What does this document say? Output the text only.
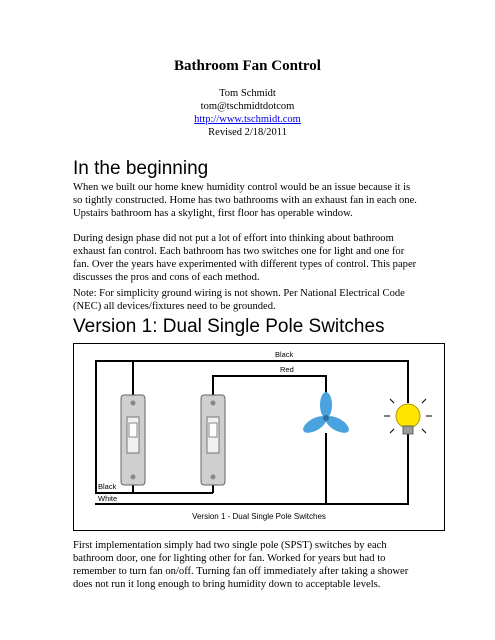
Bathroom Fan Control
Tom Schmidt
tom@tschmidtdotcom
http://www.tschmidt.com
Revised 2/18/2011
In the beginning

When we built our home knew humidity control would be an issue because it is so tightly constructed. Home has two bathrooms with an exhaust fan in each one. Upstairs bathroom has a skylight, first floor has operable window.

During design phase did not put a lot of effort into thinking about bathroom exhaust fan control. Each bathroom has two switches one for light and one for fan. Over the years have experimented with different types of control. This paper discusses the pros and cons of each method.

Note: For simplicity ground wiring is not shown. Per National Electrical Code (NEC) all devices/fixtures need to be grounded.

Version 1: Dual Single Pole Switches
Black
Red
Black
White
Version 1 - Dual Single Pole Switches

First implementation simply had two single pole (SPST) switches by each bathroom door, one for lighting other for fan. Worked for years but had to remember to turn fan on/off. Turning fan off immediately after taking a shower does not run it long enough to bring humidity down to acceptable levels.
